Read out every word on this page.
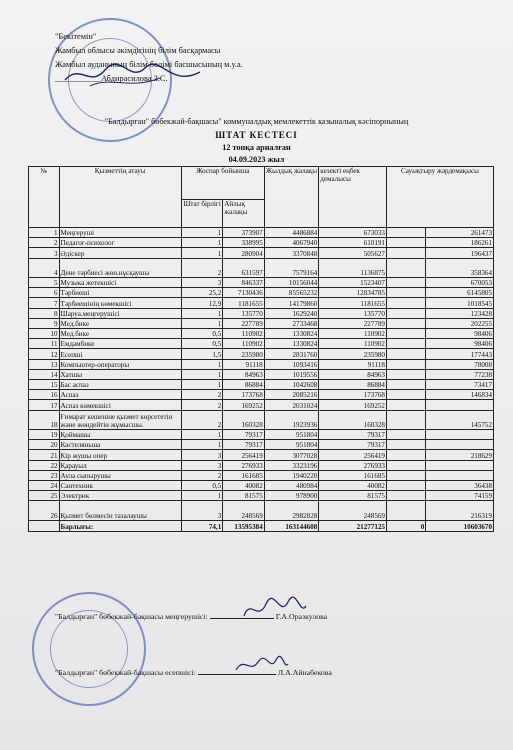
"Бекітемін"
Жамбыл облысы әкімдігінің білім басқармасы
Жамбыл ауданының білім бөлімі басшысының м.у.а.
___________Абдирасилова З.С.
"Балдырған" бөбекжай-бақшасы" коммуналдық мемлекеттік казыналық кәсіпорнының
ШТАТ КЕСТЕСІ
12 топқа арналған
04.09.2023 жыл
№	Қызметтің атауы	Жоспар бойынша		Жылдық жалақы	кезекті еңбек демалысы	Сауықтыру жәрдемақысы	
		Штат бірлігі	Айлық жалақы				
1	Меңгеруші	1	373907	4486884	673033		261473
2	Педагог-психолог	1	338995	4067940	610191		186261
3	Әдіскер	1	280904	3370848	505627		196437
4	Дене тәрбиесі жөн.нұсқаушы	2	631597	7579164	1136875		358364
5	Музыка жетекшісі	3	846337	10156044	1523407		670053
6	Тәрбиеші	25,2	7130436	85565232	12834785		6145805
7	Тәрбиешінің көмекшісі	12,9	1181655	14179860	1181655		1018545
8	Шаруа.меңгерушісі	1	135770	1629240	135770		123428
9	Мед.бике	1	227789	2733468	227789		202255
10	Мед.бике	0,5	110902	1330824	110902		98406
11	Емдамбике	0,5	110902	1330824	110902		98406
12	Есепші	1,5	235980	2831760	235980		177443
13	Компьютер-операторы	1	91118	1093416	91118		78008
14	Хатшы	1	84963	1019556	84963		77238
15	Бас аспаз	1	86884	1042608	86884		73417
16	Аспаз	2	173768	2085216	173768		146834
17	Аспаз көмекшісі	2	169252	2031024	169252		
18	Ғимарат кешеніне қызмет көрсететін және жөндейтін жұмысшы.	2	160328	1923936	160328		145752
19	Қоймашы	1	79317	951804	79317		
20	Кастеляньша	1	79317	951804	79317		
21	Кір жушы опер	3	256419	3077028	256419		218629
22	Қарауыл	3	276933	3323196	276933		
23	Аула сыпырушы	2	161685	1940220	161685		
24	Сантехник	0,5	40082	480984	40082		36438
25	Электрик	1	81575	978900	81575		74159
26	Қызмет бөлмесін тазалаушы	3	248569	2982828	248569		216319
	Барлығы:	74,1	13595384	163144608	21277125	0	10603670
"Балдырған" бөбекжай-бақшасы меңгерушісі:	Г.А.Оразкулова
"Балдырған" бөбекжай-бақшасы есепшісі:	Л.А.Айнабекова
